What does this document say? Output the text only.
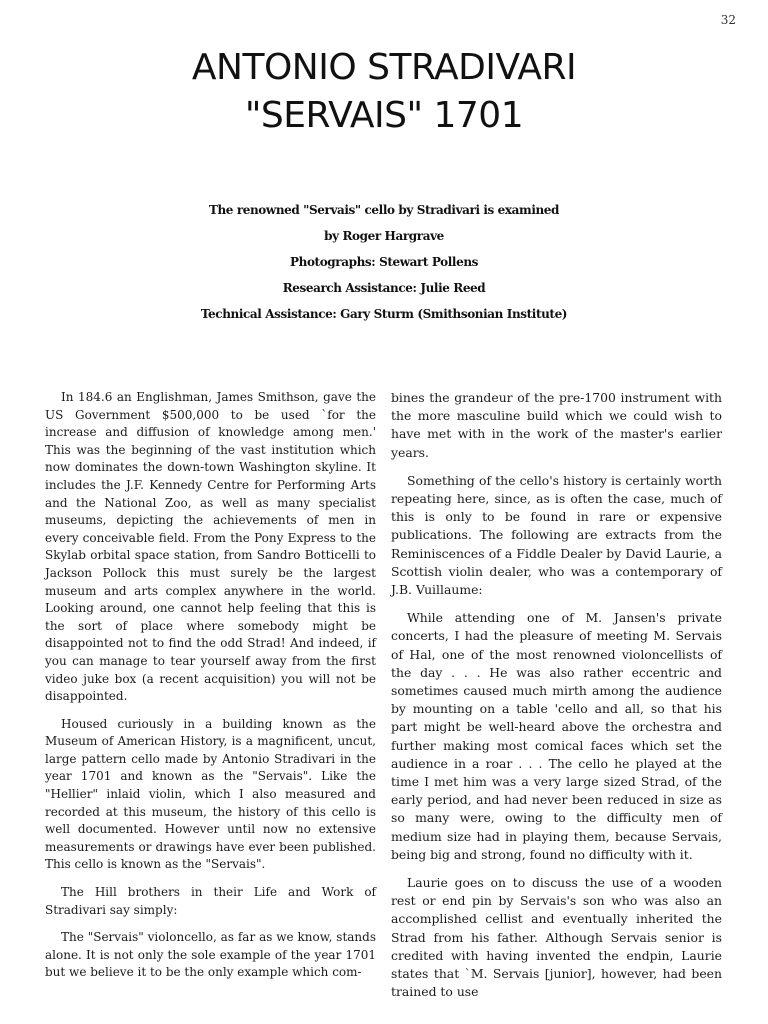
32
ANTONIO STRADIVARI
"SERVAIS" 1701
The renowned "Servais" cello by Stradivari is examined
by Roger Hargrave
Photographs: Stewart Pollens
Research Assistance: Julie Reed
Technical Assistance: Gary Sturm (Smithsonian Institute)

In 184.6 an Englishman, James Smithson, gave the US Government $500,000 to be used `for the increase and diffusion of knowledge among men.' This was the beginning of the vast institution which now dominates the down-town Washington skyline. It includes the J.F. Kennedy Centre for Performing Arts and the National Zoo, as well as many specialist museums, depicting the achievements of men in every conceivable field. From the Pony Express to the Skylab orbital space station, from Sandro Botticelli to Jackson Pollock this must surely be the largest museum and arts complex anywhere in the world. Looking around, one cannot help feeling that this is the sort of place where somebody might be disappointed not to find the odd Strad! And indeed, if you can manage to tear yourself away from the first video juke box (a recent acquisition) you will not be disappointed.

Housed curiously in a building known as the Museum of American History, is a magnificent, uncut, large pattern cello made by Antonio Stradivari in the year 1701 and known as the "Servais". Like the "Hellier" inlaid violin, which I also measured and recorded at this museum, the history of this cello is well documented. However until now no extensive measurements or drawings have ever been published. This cello is known as the "Servais".

The Hill brothers in their Life and Work of Stradivari say simply:

The "Servais" violoncello, as far as we know, stands alone. It is not only the sole example of the year 1701 but we believe it to be the only example which com-

bines the grandeur of the pre-1700 instrument with the more masculine build which we could wish to have met with in the work of the master's earlier years.

Something of the cello's history is certainly worth repeating here, since, as is often the case, much of this is only to be found in rare or expensive publications. The following are extracts from the Reminiscences of a Fiddle Dealer by David Laurie, a Scottish violin dealer, who was a contemporary of J.B. Vuillaume:

While attending one of M. Jansen's private concerts, I had the pleasure of meeting M. Servais of Hal, one of the most renowned violoncellists of the day . . . He was also rather eccentric and sometimes caused much mirth among the audience by mounting on a table 'cello and all, so that his part might be well-heard above the orchestra and further making most comical faces which set the audience in a roar . . . The cello he played at the time I met him was a very large sized Strad, of the early period, and had never been reduced in size as so many were, owing to the difficulty men of medium size had in playing them, because Servais, being big and strong, found no difficulty with it.

Laurie goes on to discuss the use of a wooden rest or end pin by Servais's son who was also an accomplished cellist and eventually inherited the Strad from his father. Although Servais senior is credited with having invented the endpin, Laurie states that `M. Servais [junior], however, had been trained to use
